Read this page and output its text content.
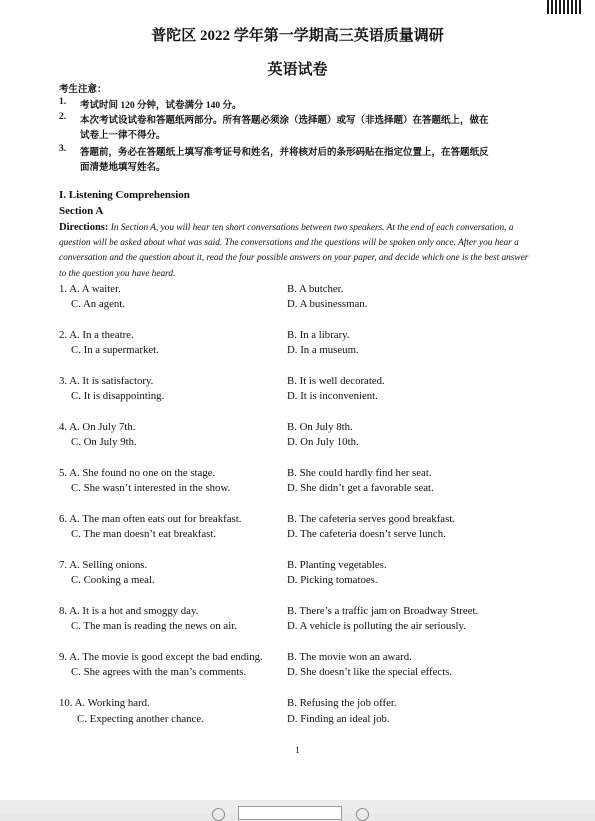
普陀区 2022 学年第一学期高三英语质量调研
英语试卷
考生注意：
1. 考试时间 120 分钟，试卷满分 140 分。
2. 本次考试设试卷和答题纸两部分。所有答题必须涂（选择题）或写（非选择题）在答题纸上，做在
试卷上一律不得分。
3. 答题前，务必在答题纸上填写准考证号和姓名，并将核对后的条形码贴在指定位置上，在答题纸反
面清楚地填写姓名。
I. Listening Comprehension
Section A
Directions: In Section A, you will hear ten short conversations between two speakers. At the end of each conversation, a question will be asked about what was said. The conversations and the questions will be spoken only once. After you hear a conversation and the question about it, read the four possible answers on your paper, and decide which one is the best answer to the question you have heard.
1. A. A waiter.	B. A butcher.
C. An agent.	D. A businessman.
2. A. In a theatre.	B. In a library.
C. In a supermarket.	D. In a museum.
3. A. It is satisfactory.	B. It is well decorated.
C. It is disappointing.	D. It is inconvenient.
4. A. On July 7th.	B. On July 8th.
C. On July 9th.	D. On July 10th.
5. A. She found no one on the stage.	B. She could hardly find her seat.
C. She wasn’t interested in the show.	D. She didn’t get a favorable seat.
6. A. The man often eats out for breakfast.	B. The cafeteria serves good breakfast.
C. The man doesn’t eat breakfast.	D. The cafeteria doesn’t serve lunch.
7. A. Selling onions.	B. Planting vegetables.
C. Cooking a meal.	D. Picking tomatoes.
8. A. It is a hot and smoggy day.	B. There’s a traffic jam on Broadway Street.
C. The man is reading the news on air.	D. A vehicle is polluting the air seriously.
9. A. The movie is good except the bad ending. B. The movie won an award.
C. She agrees with the man’s comments.	D. She doesn’t like the special effects.
10. A. Working hard.	B. Refusing the job offer.
C. Expecting another chance.	D. Finding an ideal job.
1
